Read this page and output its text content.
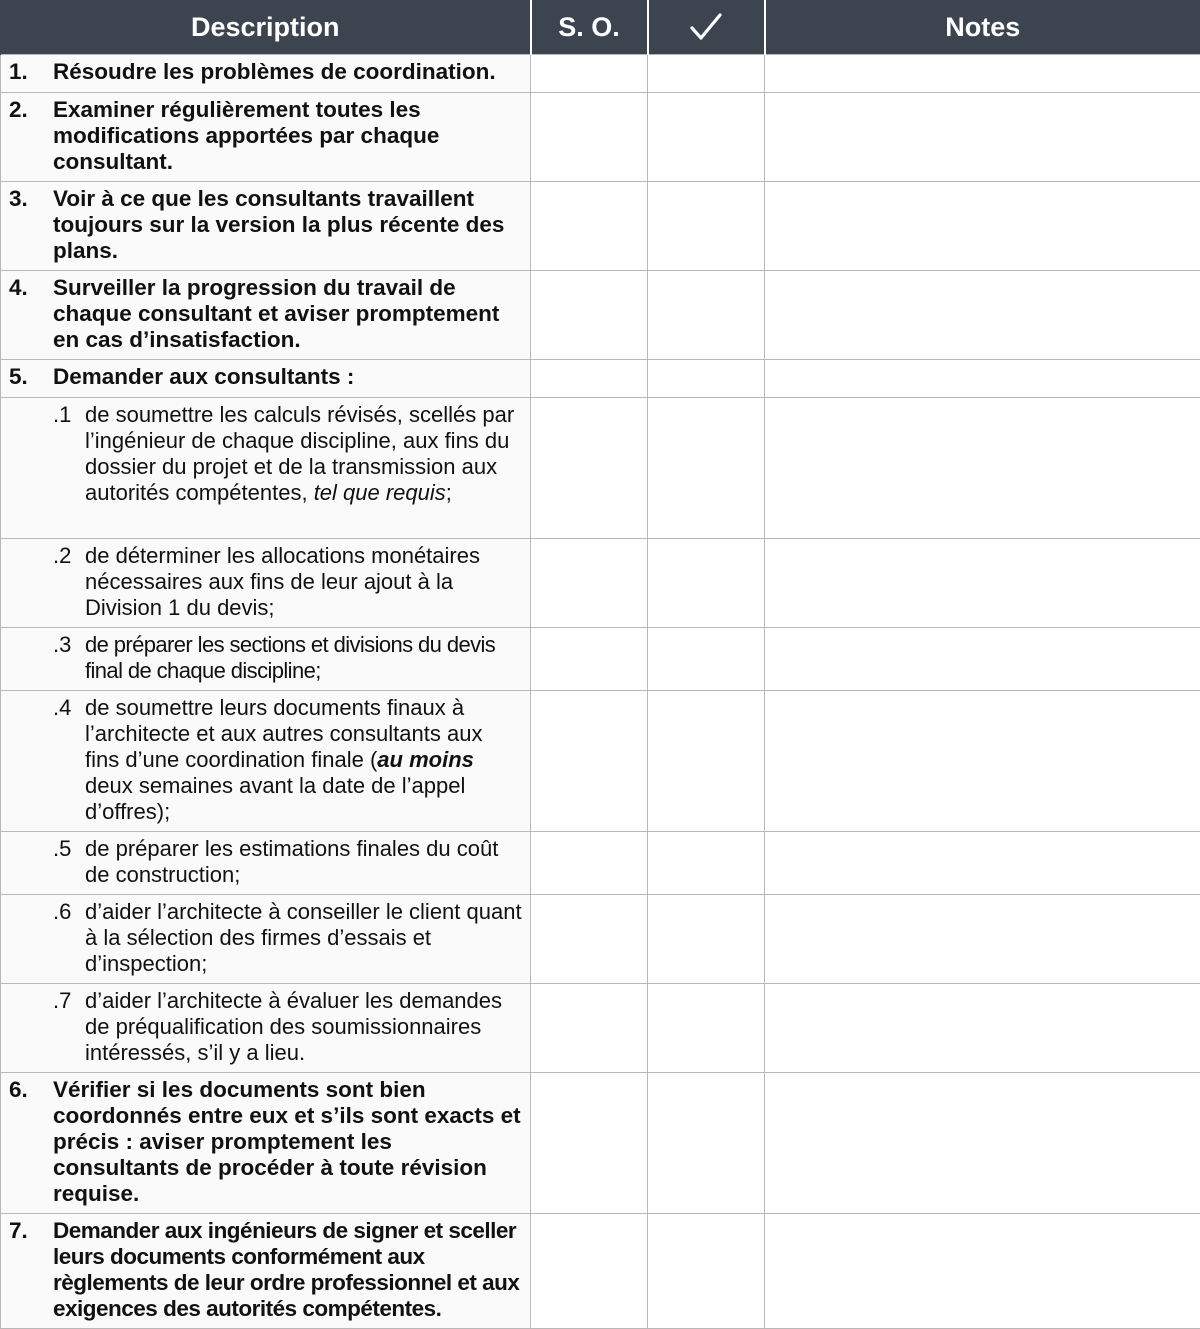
Description	S. O.		Notes

1. Résoudre les problèmes de coordination.			

2. Examiner régulièrement toutes les modifications apportées par chaque consultant.			

3. Voir à ce que les consultants travaillent toujours sur la version la plus récente des plans.			

4. Surveiller la progression du travail de chaque consultant et aviser promptement en cas d’insatisfaction.			

5. Demander aux consultants :			

.1 de soumettre les calculs révisés, scellés par l’ingénieur de chaque discipline, aux fins du dossier du projet et de la transmission aux autorités compétentes, tel que requis;			

.2 de déterminer les allocations monétaires nécessaires aux fins de leur ajout à la Division 1 du devis;			

.3 de préparer les sections et divisions du devis final de chaque discipline;			

.4 de soumettre leurs documents finaux à l’architecte et aux autres consultants aux fins d’une coordination finale (au moins deux semaines avant la date de l’appel d’offres);			

.5 de préparer les estimations finales du coût de construction;			

.6 d’aider l’architecte à conseiller le client quant à la sélection des firmes d’essais et d’inspection;			

.7 d’aider l’architecte à évaluer les demandes de préqualification des soumissionnaires intéressés, s’il y a lieu.			

6. Vérifier si les documents sont bien coordonnés entre eux et s’ils sont exacts et précis : aviser promptement les consultants de procéder à toute révision requise.			

7. Demander aux ingénieurs de signer et sceller leurs documents conformément aux règlements de leur ordre professionnel et aux exigences des autorités compétentes.			
